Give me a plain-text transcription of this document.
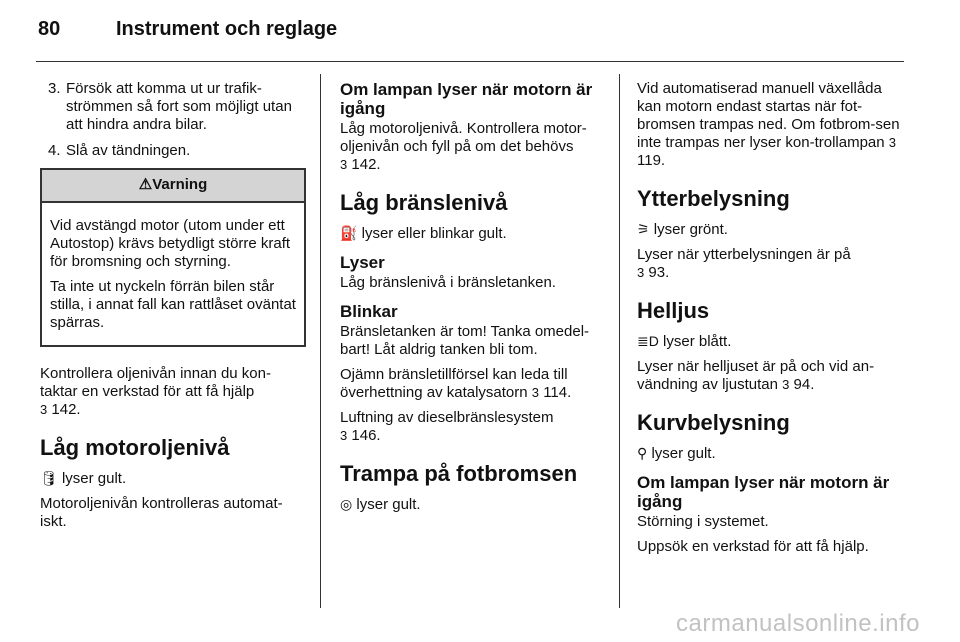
80	Instrument och reglage
3. Försök att komma ut ur trafik-strömmen så fort som möjligt utan att hindra andra bilar.
4. Slå av tändningen.
⚠Varning

Vid avstängd motor (utom under ett Autostop) krävs betydligt större kraft för bromsning och styrning.

Ta inte ut nyckeln förrän bilen står stilla, i annat fall kan rattlåset oväntat spärras.

Kontrollera oljenivån innan du kon-taktar en verkstad för att få hjälp
3 142.

Låg motoroljenivå

🛢 lyser gult.

Motoroljenivån kontrolleras automat-iskt.

Om lampan lyser när motorn är igång

Låg motoroljenivå. Kontrollera motor-oljenivån och fyll på om det behövs
3 142.

Låg bränslenivå

⛽ lyser eller blinkar gult.

Lyser

Låg bränslenivå i bränsletanken.

Blinkar

Bränsletanken är tom! Tanka omedel-bart! Låt aldrig tanken bli tom.

Ojämn bränsletillförsel kan leda till överhettning av katalysatorn 3 114.

Luftning av dieselbränslesystem
3 146.

Trampa på fotbromsen

◎ lyser gult.

Vid automatiserad manuell växellåda kan motorn endast startas när fot-bromsen trampas ned. Om fotbrom-sen inte trampas ner lyser kon-trollampan 3 119.

Ytterbelysning

⚞ lyser grönt.

Lyser när ytterbelysningen är på
3 93.

Helljus

≣D lyser blått.

Lyser när helljuset är på och vid an-vändning av ljustutan 3 94.

Kurvbelysning

⚲ lyser gult.

Om lampan lyser när motorn är igång

Störning i systemet.

Uppsök en verkstad för att få hjälp.

carmanualsonline.info
